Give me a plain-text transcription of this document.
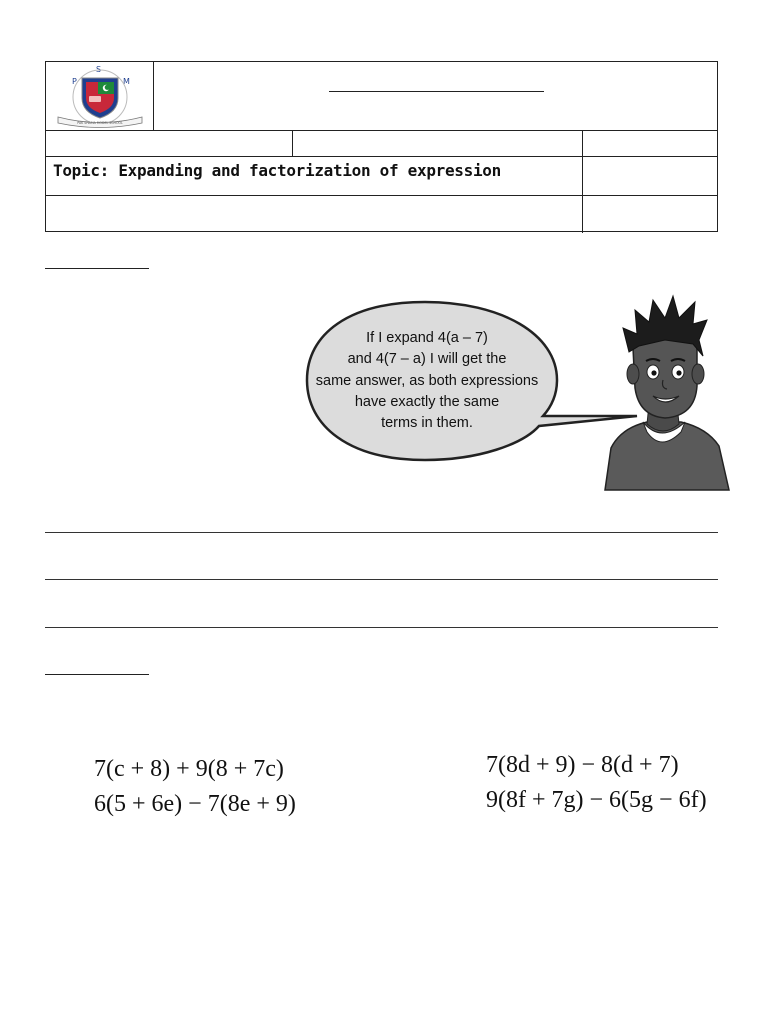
P
S
M
PAK SHAMA MODEL SCHOOL
Topic: Expanding and factorization of expression
If I expand 4(a – 7)
and 4(7 – a) I will get the
same answer, as both expressions
have exactly the same
terms in them.
7(c + 8) + 9(8 + 7c)
6(5 + 6e) − 7(8e + 9)
7(8d + 9) − 8(d + 7)
9(8f + 7g) − 6(5g − 6f)
